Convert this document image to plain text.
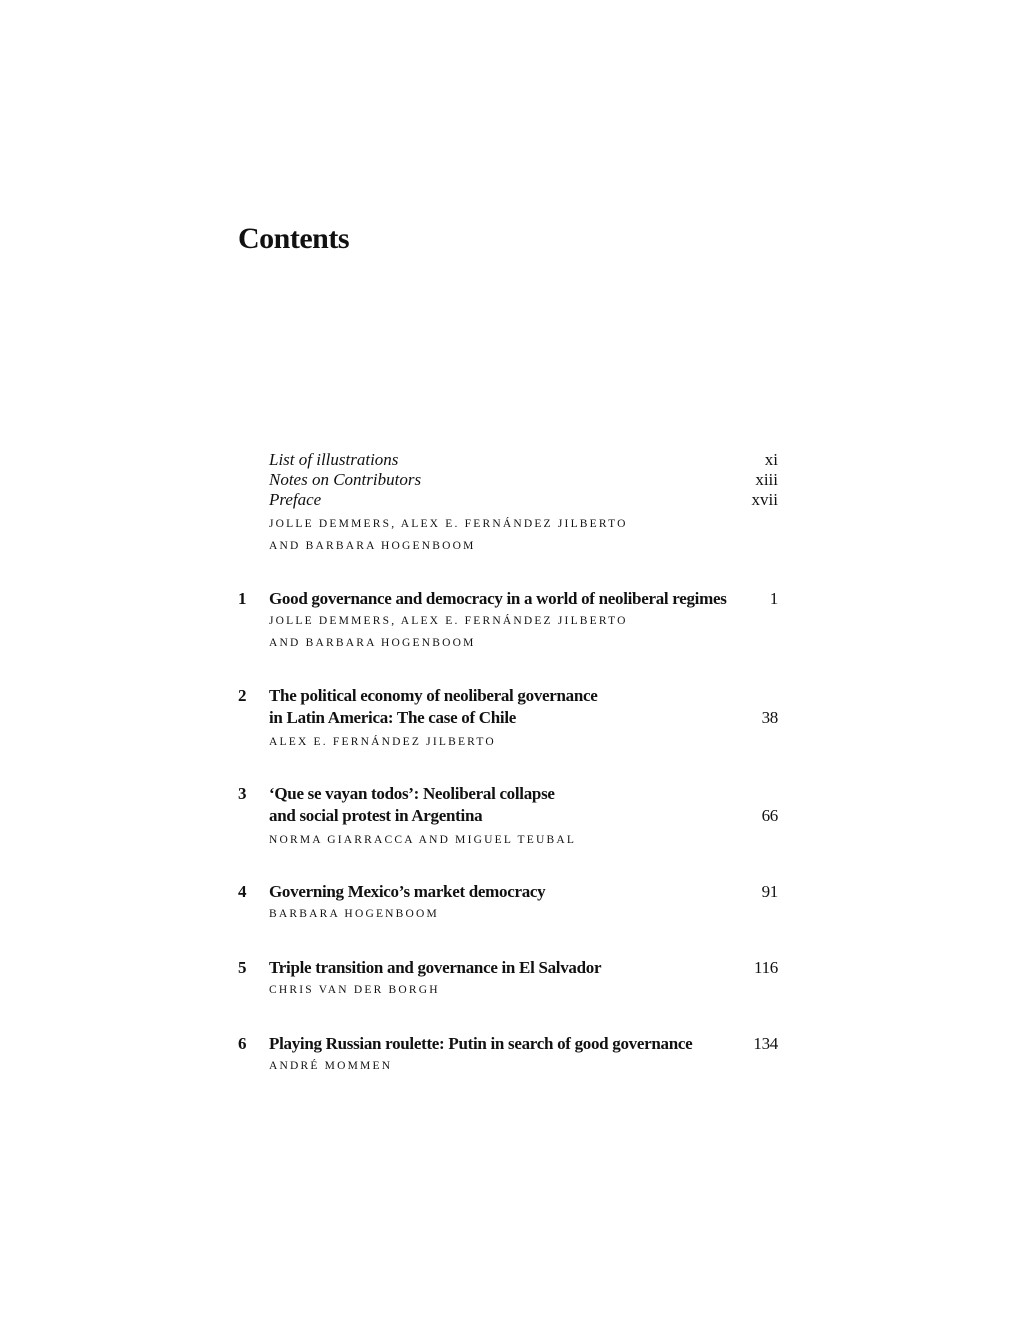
Contents
List of illustrations	xi
Notes on Contributors	xiii
Preface	xvii
JOLLE DEMMERS, ALEX E. FERNÁNDEZ JILBERTO
AND BARBARA HOGENBOOM
1	Good governance and democracy in a world of neoliberal regimes	1
JOLLE DEMMERS, ALEX E. FERNÁNDEZ JILBERTO
AND BARBARA HOGENBOOM
2	The political economy of neoliberal governance
in Latin America: The case of Chile	38
ALEX E. FERNÁNDEZ JILBERTO
3	‘Que se vayan todos’: Neoliberal collapse
and social protest in Argentina	66
NORMA GIARRACCA AND MIGUEL TEUBAL
4	Governing Mexico’s market democracy	91
BARBARA HOGENBOOM
5	Triple transition and governance in El Salvador	116
CHRIS VAN DER BORGH
6	Playing Russian roulette: Putin in search of good governance	134
ANDRÉ MOMMEN
